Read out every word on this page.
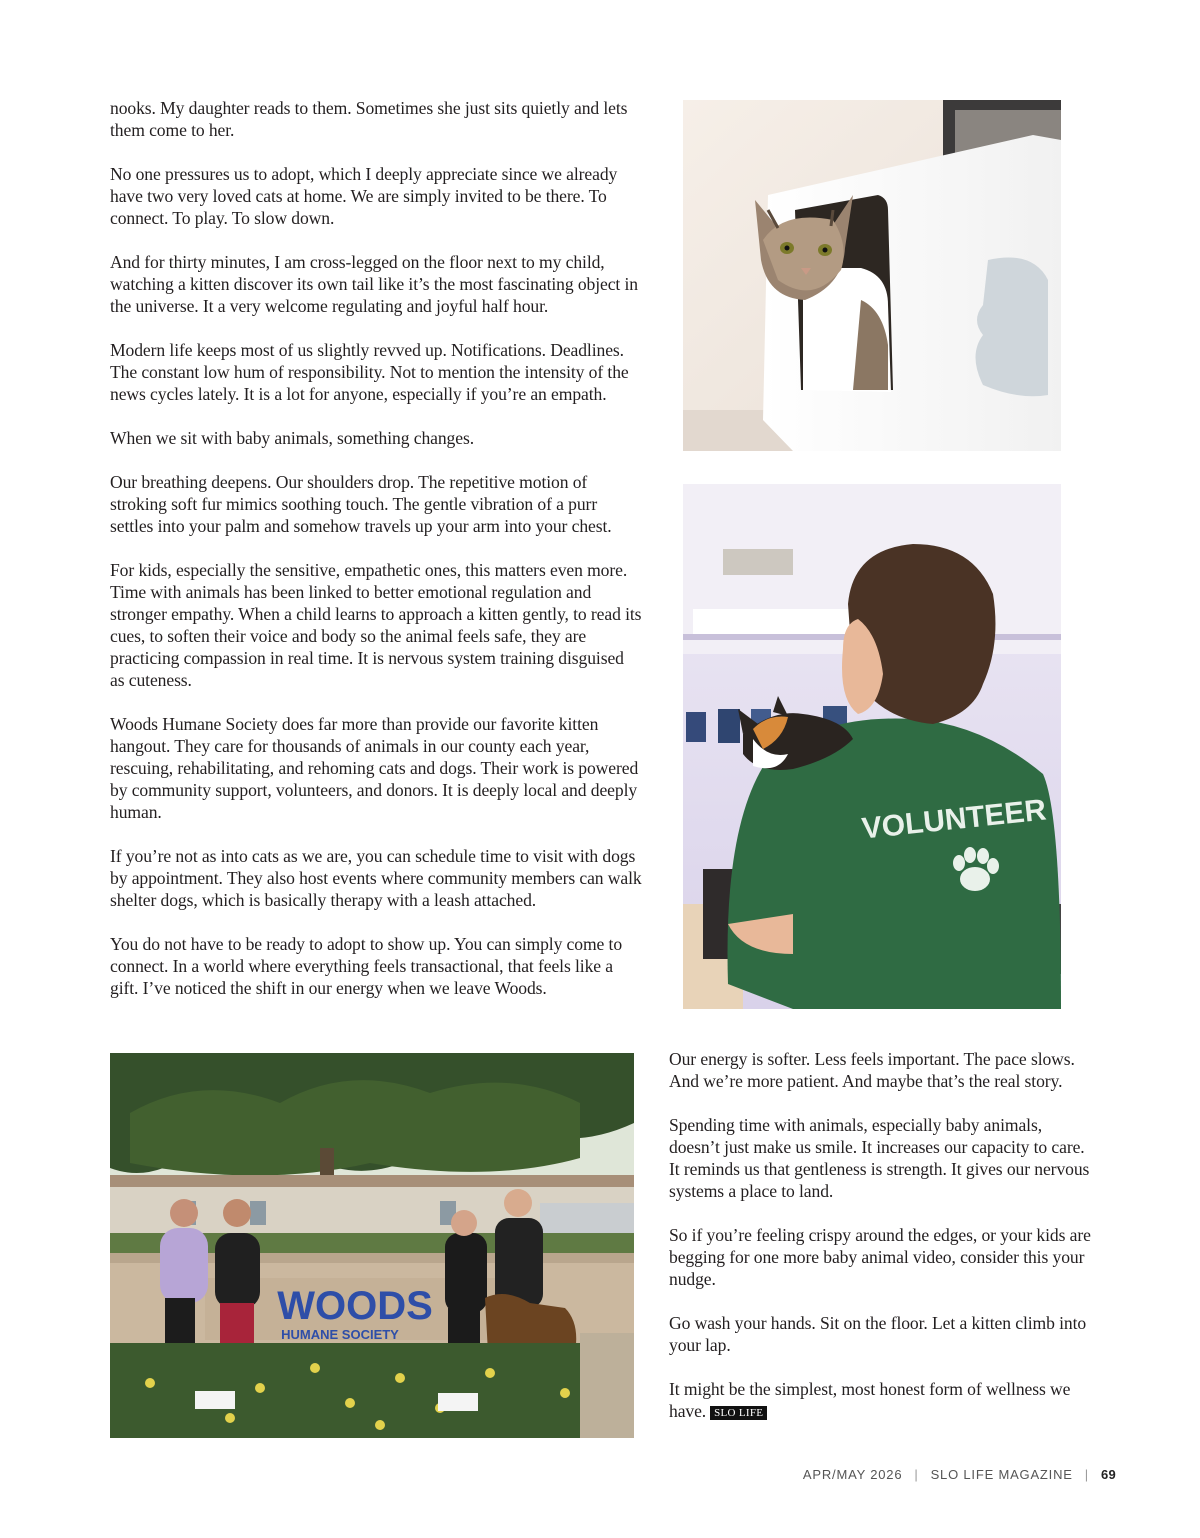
nooks. My daughter reads to them. Sometimes she just sits quietly and lets them come to her.

No one pressures us to adopt, which I deeply appreciate since we already have two very loved cats at home. We are simply invited to be there. To connect. To play. To slow down.

And for thirty minutes, I am cross-legged on the floor next to my child, watching a kitten discover its own tail like it’s the most fascinating object in the universe. It a very welcome regulating and joyful half hour.

Modern life keeps most of us slightly revved up. Notifications. Deadlines. The constant low hum of responsibility. Not to mention the intensity of the news cycles lately. It is a lot for anyone, especially if you’re an empath.

When we sit with baby animals, something changes.

Our breathing deepens. Our shoulders drop. The repetitive motion of stroking soft fur mimics soothing touch. The gentle vibration of a purr settles into your palm and somehow travels up your arm into your chest.

For kids, especially the sensitive, empathetic ones, this matters even more. Time with animals has been linked to better emotional regulation and stronger empathy. When a child learns to approach a kitten gently, to read its cues, to soften their voice and body so the animal feels safe, they are practicing compassion in real time. It is nervous system training disguised as cuteness.

Woods Humane Society does far more than provide our favorite kitten hangout. They care for thousands of animals in our county each year, rescuing, rehabilitating, and rehoming cats and dogs. Their work is powered by community support, volunteers, and donors. It is deeply local and deeply human.

If you’re not as into cats as we are, you can schedule time to visit with dogs by appointment. They also host events where community members can walk shelter dogs, which is basically therapy with a leash attached.

You do not have to be ready to adopt to show up. You can simply come to connect. In a world where everything feels transactional, that feels like a gift. I’ve noticed the shift in our energy when we leave Woods.

VOLUNTEER
WOODS
HUMANE SOCIETY

Our energy is softer. Less feels important. The pace slows. And we’re more patient. And maybe that’s the real story.

Spending time with animals, especially baby animals, doesn’t just make us smile. It increases our capacity to care. It reminds us that gentleness is strength. It gives our nervous systems a place to land.

So if you’re feeling crispy around the edges, or your kids are begging for one more baby animal video, consider this your nudge.

Go wash your hands. Sit on the floor. Let a kitten climb into your lap.

It might be the simplest, most honest form of wellness we have. SLO LIFE

APR/MAY 2026 | SLO LIFE MAGAZINE | 69
